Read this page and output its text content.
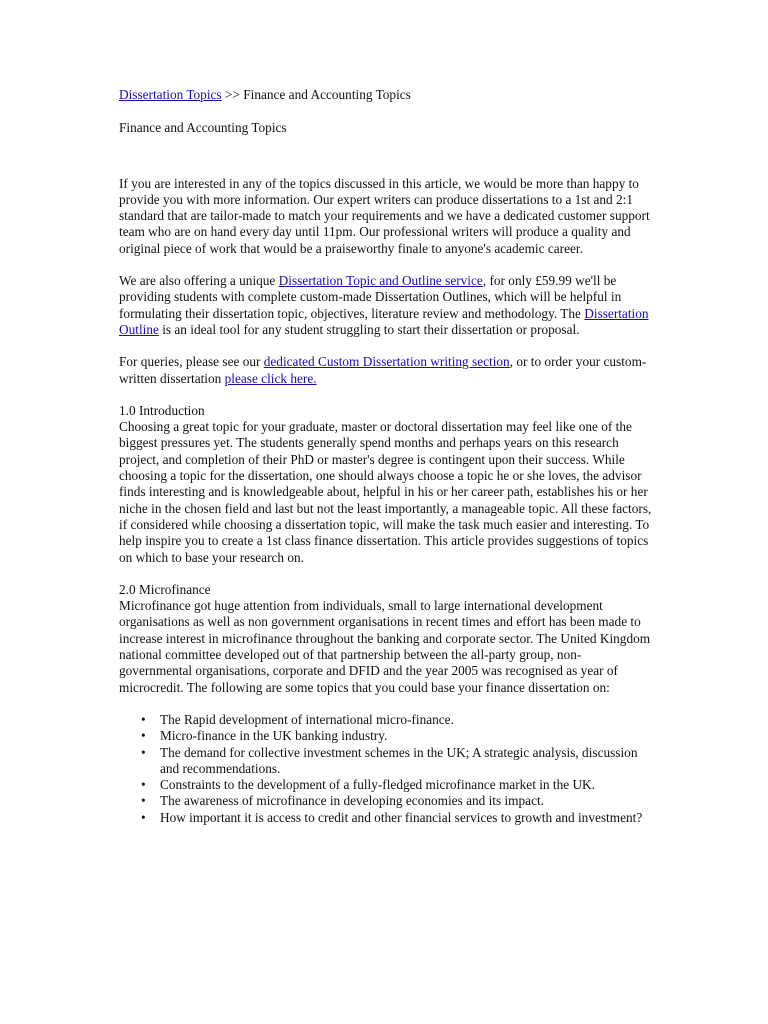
Dissertation Topics >> Finance and Accounting Topics

Finance and Accounting Topics

If you are interested in any of the topics discussed in this article, we would be more than happy to provide you with more information. Our expert writers can produce dissertations to a 1st and 2:1 standard that are tailor-made to match your requirements and we have a dedicated customer support team who are on hand every day until 11pm. Our professional writers will produce a quality and original piece of work that would be a praiseworthy finale to anyone's academic career.

We are also offering a unique Dissertation Topic and Outline service, for only £59.99 we'll be providing students with complete custom-made Dissertation Outlines, which will be helpful in formulating their dissertation topic, objectives, literature review and methodology. The Dissertation Outline is an ideal tool for any student struggling to start their dissertation or proposal.

For queries, please see our dedicated Custom Dissertation writing section, or to order your custom-written dissertation please click here.

1.0 Introduction

Choosing a great topic for your graduate, master or doctoral dissertation may feel like one of the biggest pressures yet. The students generally spend months and perhaps years on this research project, and completion of their PhD or master's degree is contingent upon their success. While choosing a topic for the dissertation, one should always choose a topic he or she loves, the advisor finds interesting and is knowledgeable about, helpful in his or her career path, establishes his or her niche in the chosen field and last but not the least importantly, a manageable topic. All these factors, if considered while choosing a dissertation topic, will make the task much easier and interesting. To help inspire you to create a 1st class finance dissertation. This article provides suggestions of topics on which to base your research on.

2.0 Microfinance

Microfinance got huge attention from individuals, small to large international development organisations as well as non government organisations in recent times and effort has been made to increase interest in microfinance throughout the banking and corporate sector. The United Kingdom national committee developed out of that partnership between the all-party group, non-governmental organisations, corporate and DFID and the year 2005 was recognised as year of microcredit. The following are some topics that you could base your finance dissertation on:

• The Rapid development of international micro-finance.
• Micro-finance in the UK banking industry.
• The demand for collective investment schemes in the UK; A strategic analysis, discussion and recommendations.
• Constraints to the development of a fully-fledged microfinance market in the UK.
• The awareness of microfinance in developing economies and its impact.
• How important it is access to credit and other financial services to growth and investment?
